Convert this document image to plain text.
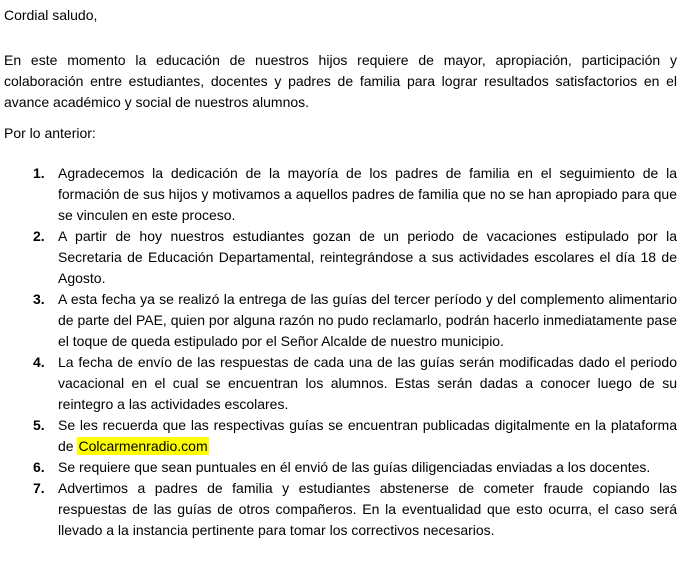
Cordial saludo,

En este momento la educación de nuestros hijos requiere de mayor, apropiación, participación y colaboración entre estudiantes, docentes y padres de familia para lograr resultados satisfactorios en el avance académico y social de nuestros alumnos.

Por lo anterior:

1. Agradecemos la dedicación de la mayoría de los padres de familia en el seguimiento de la formación de sus hijos y motivamos a aquellos padres de familia que no se han apropiado para que se vinculen en este proceso.
2. A partir de hoy nuestros estudiantes gozan de un periodo de vacaciones estipulado por la Secretaria de Educación Departamental, reintegrándose a sus actividades escolares el día 18 de Agosto.
3. A esta fecha ya se realizó la entrega de las guías del tercer período y del complemento alimentario de parte del PAE, quien por alguna razón no pudo reclamarlo, podrán hacerlo inmediatamente pase el toque de queda estipulado por el Señor Alcalde de nuestro municipio.
4. La fecha de envío de las respuestas de cada una de las guías serán modificadas dado el periodo vacacional en el cual se encuentran los alumnos. Estas serán dadas a conocer luego de su reintegro a las actividades escolares.
5. Se les recuerda que las respectivas guías se encuentran publicadas digitalmente en la plataforma de Colcarmenradio.com
6. Se requiere que sean puntuales en él envió de las guías diligenciadas enviadas a los docentes.
7. Advertimos a padres de familia y estudiantes abstenerse de cometer fraude copiando las respuestas de las guías de otros compañeros. En la eventualidad que esto ocurra, el caso será llevado a la instancia pertinente para tomar los correctivos necesarios.
